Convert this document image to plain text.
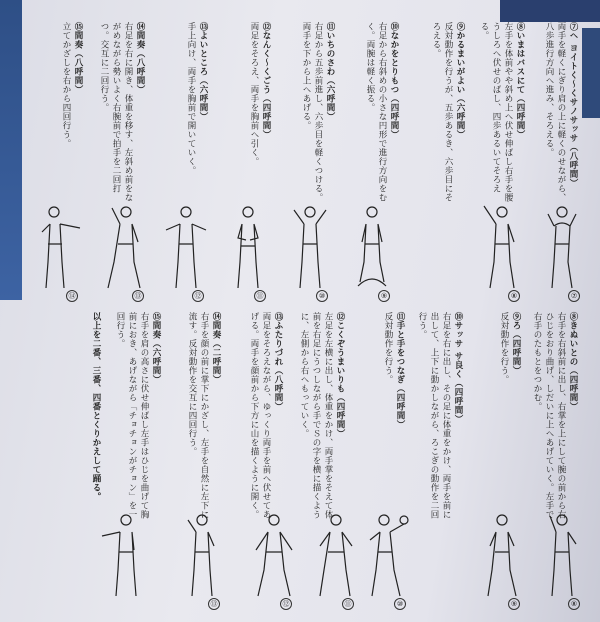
⑦ヘ ヨイトく〜くサノサッサ（八呼間）
両手を軽くにぎり肩の上に軽くのせながら、八歩進行方向へ進み、そろえる。
⑧いまはバスにて（四呼間）
左手を体前やや斜め上へ伏せ伸ばし右手を腰うしろへ伏せのばし、四歩あるいてそろえる。
⑨かるまいがよい（六呼間）
反対動作を行うが、五歩あるき、六歩目にそろえる。
⑩なかをとりもつ（四呼間）
右足から右斜めの小さな円形で進行方向をむく。両腕は軽く振る。
⑪いちのさわ（六呼間）
右足から五歩前進し、六歩目を軽くつける。両手を下から上へあげる。
⑫なんく〜くごう（四呼間）
両足をそろえ、両手を胸前へ引く。
⑬よいところ（六呼間）
手上向け、両手を胸前で開いていく。
⑭間奏（八呼間）
右足を右に開き、体重を移す、左斜め前をながめながら勢いよく右腕前で拍手を二回打つ。交互に二回行う。
⑮間奏（八呼間）
立てかざしを右から四回行う。
⑦
⑧
⑨
⑩
⑪
⑫
⑬
⑭
⑧きぬいとの（四呼間）
右手を右斜前に出し、右掌を上にして腕の前から右ひじをおり曲げ、しだいに上へあげていく。左手で右手のたもとをつかむ。
⑨ろ（四呼間）
反対動作を行う。
⑩サッサ サ良く（四呼間）
右足を右に出し、その足に体重をかけ、両手を前に出して、上下に動かしながら、ろこぎの動作を二回行う。
⑪手と手をつなぎ（四呼間）
反対動作を行う。
⑫こくぞうまいりも（四呼間）
左足を左横に出し、体重をかけ、両手掌をそえて体前を右足にうつしながら手でＳの字を横に描くように、左側から右へもっていく。
⑬ふたりづれ（八呼間）
両足をそろえながら、ゆっくり両手を前へ伏せてあげる。両手を顔前から下方に山を描くように開く。
⑭間奏（二呼間）
右手を顔の前に掌下にかざし、左手を自然に左下に流す。反対動作を交互に四回行う。
⑮間奏（六呼間）
右手を肩の高さに伏せ伸ばし左手はひじを曲げて胸前におき、あげながら「チョチョンがチョン」を一回行う。
以上を二番、三番、四番とくりかえして踊る。
⑧
⑨
⑩
⑪
⑫
⑬
